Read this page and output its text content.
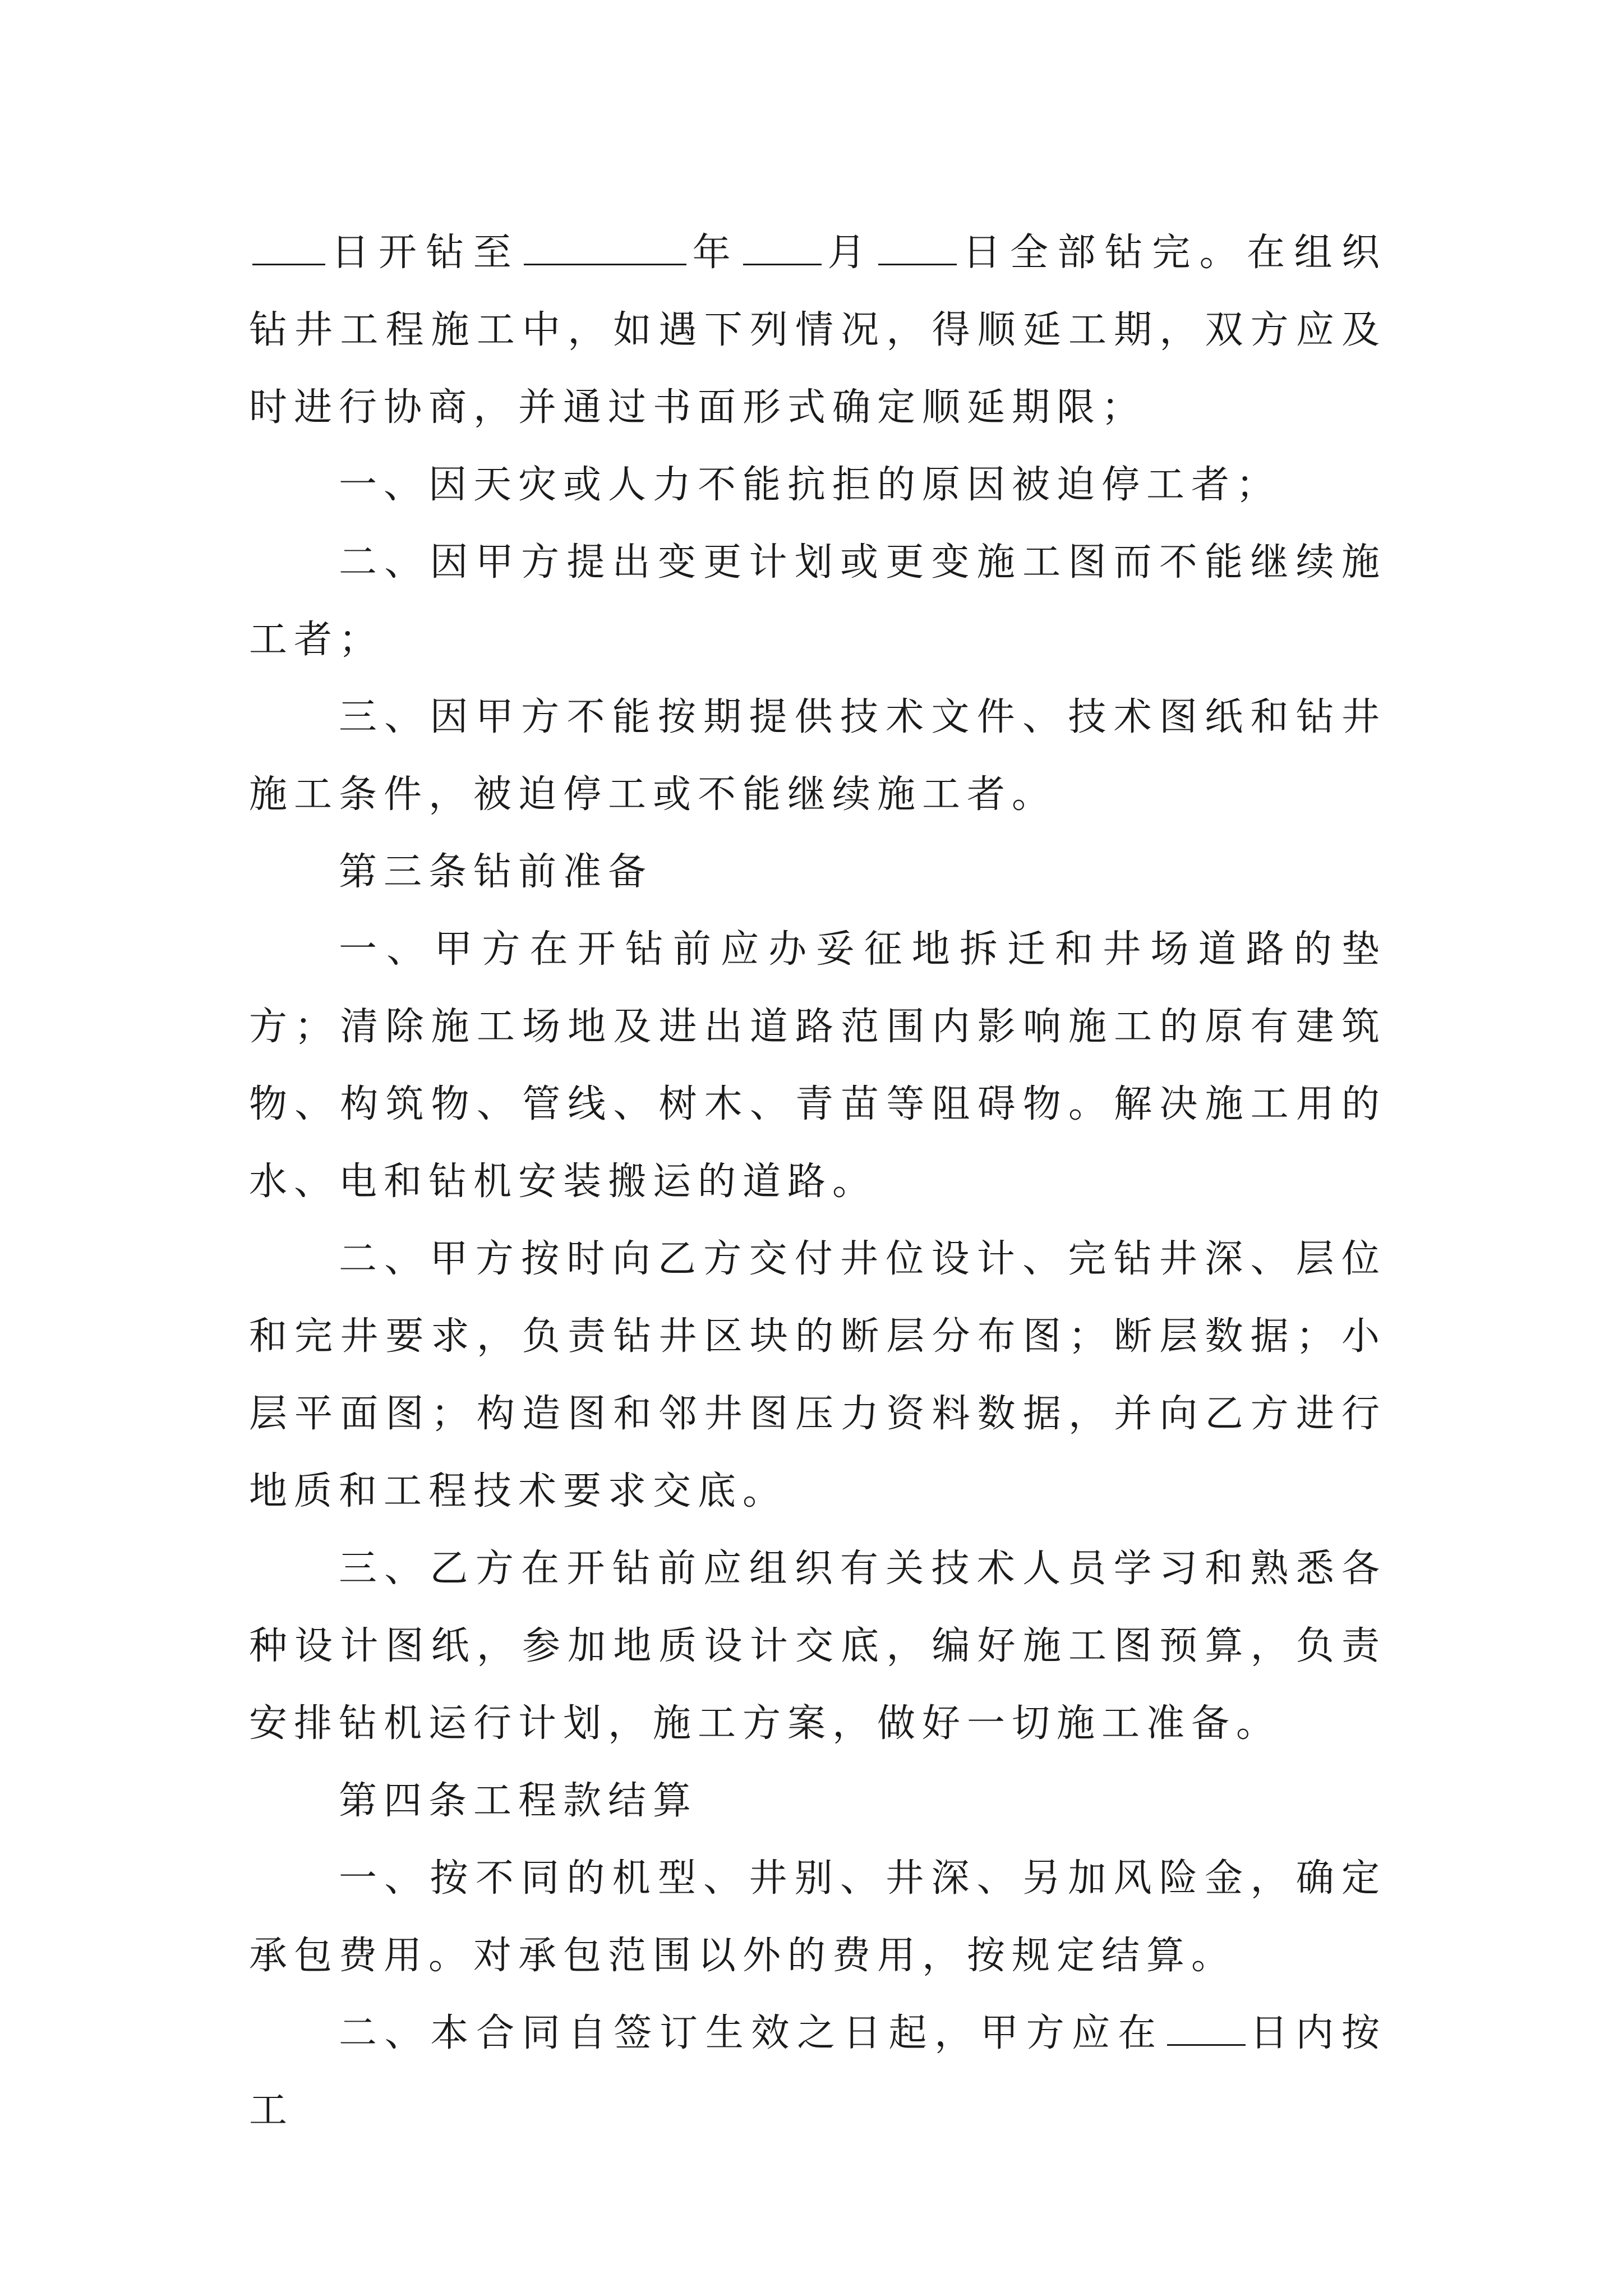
日开钻至	年 月 日全部钻完。在组织钻井工程施工中，如遇下列情况，得顺延工期，双方应及时进行协商，并通过书面形式确定顺延期限；

一、因天灾或人力不能抗拒的原因被迫停工者；

二、因甲方提出变更计划或更变施工图而不能继续施工者；

三、因甲方不能按期提供技术文件、技术图纸和钻井施工条件，被迫停工或不能继续施工者。

第三条钻前准备

一、甲方在开钻前应办妥征地拆迁和井场道路的垫方；清除施工场地及进出道路范围内影响施工的原有建筑物、构筑物、管线、树木、青苗等阻碍物。解决施工用的水、电和钻机安装搬运的道路。

二、甲方按时向乙方交付井位设计、完钻井深、层位和完井要求，负责钻井区块的断层分布图；断层数据；小层平面图；构造图和邻井图压力资料数据，并向乙方进行地质和工程技术要求交底。

三、乙方在开钻前应组织有关技术人员学习和熟悉各种设计图纸，参加地质设计交底，编好施工图预算，负责安排钻机运行计划，施工方案，做好一切施工准备。

第四条工程款结算

一、按不同的机型、井别、井深、另加风险金，确定承包费用。对承包范围以外的费用，按规定结算。

二、本合同自签订生效之日起，甲方应在 日内按工
